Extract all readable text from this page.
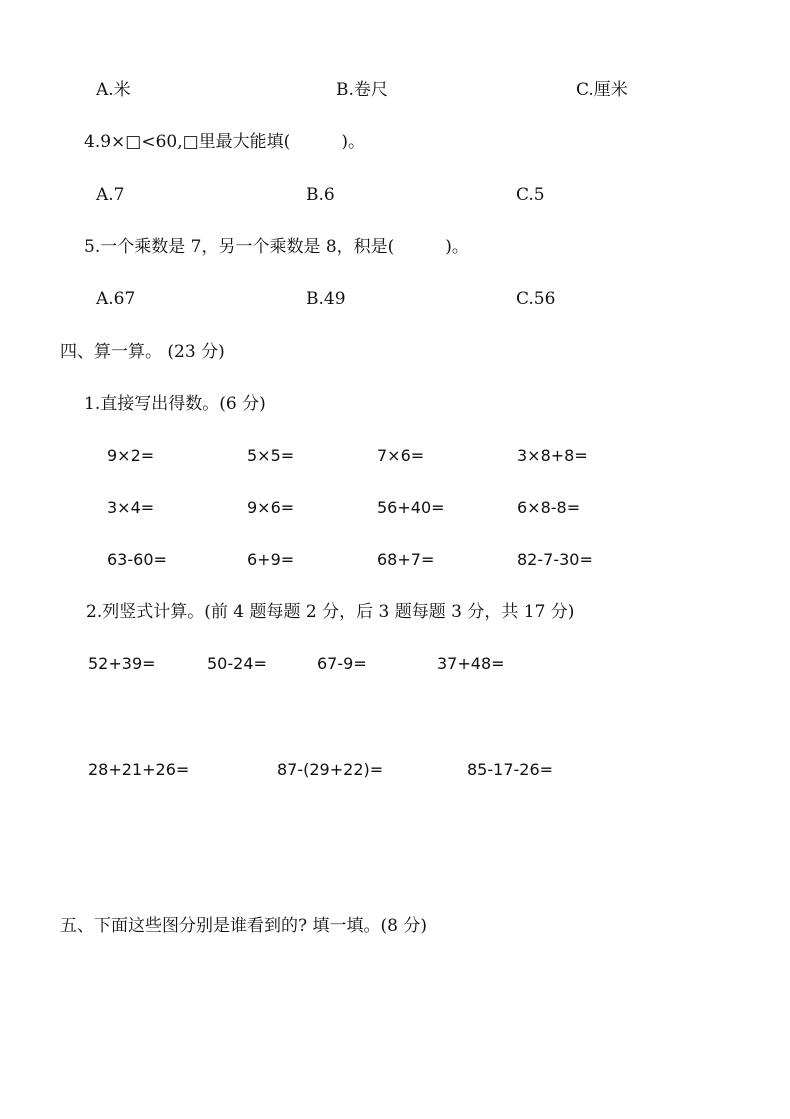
A.米	B.卷尺	C.厘米
4.9×□<60,□里最大能填(　　　)。
A.7	B.6	C.5
5.一个乘数是 7，另一个乘数是 8，积是(　　　)。
A.67	B.49	C.56
四、算一算。 (23 分)
1.直接写出得数。(6 分)
9×2=	5×5=	7×6=	3×8+8=
3×4=	9×6=	56+40=	6×8-8=
63-60=	6+9=	68+7=	82-7-30=
2.列竖式计算。(前 4 题每题 2 分，后 3 题每题 3 分，共 17 分)
52+39=	50-24=	67-9=	37+48=
28+21+26=	87-(29+22)=	85-17-26=
五、下面这些图分别是谁看到的? 填一填。(8 分)
